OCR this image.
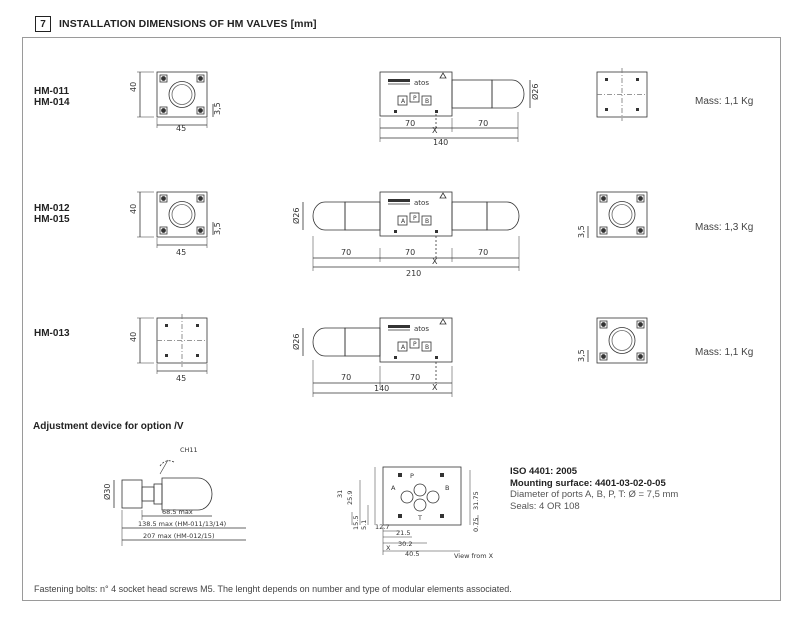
7	INSTALLATION DIMENSIONS OF HM VALVES [mm]
HM-011
HM-014
HM-012
HM-015
HM-013
Mass: 1,1 Kg
Mass: 1,3 Kg
Mass: 1,1 Kg
Adjustment device for option /V
ISO 4401: 2005
Mounting surface: 4401-03-02-0-05
Diameter of ports A, B, P, T: Ø = 7,5 mm
Seals: 4 OR 108
Fastening bolts: n° 4 socket head screws M5. The lenght depends on number and type of modular elements associated.
40
3,5
45
atos
A P B
Ø26
70	70
140
X
40
3,5
45
atos
A P B
Ø26
70	70	70
210
X
3,5
40
45
atos
A P B
Ø26
70	70
140	X
3,5
CH11
Ø30
68.5 max
138.5 max (HM-011/13/14)
207 max (HM-012/15)
31 25.9
15.5 5.1 12.7
21.5
30.2
40.5
31.75
0.75
X
A
P
B
T
View from X
